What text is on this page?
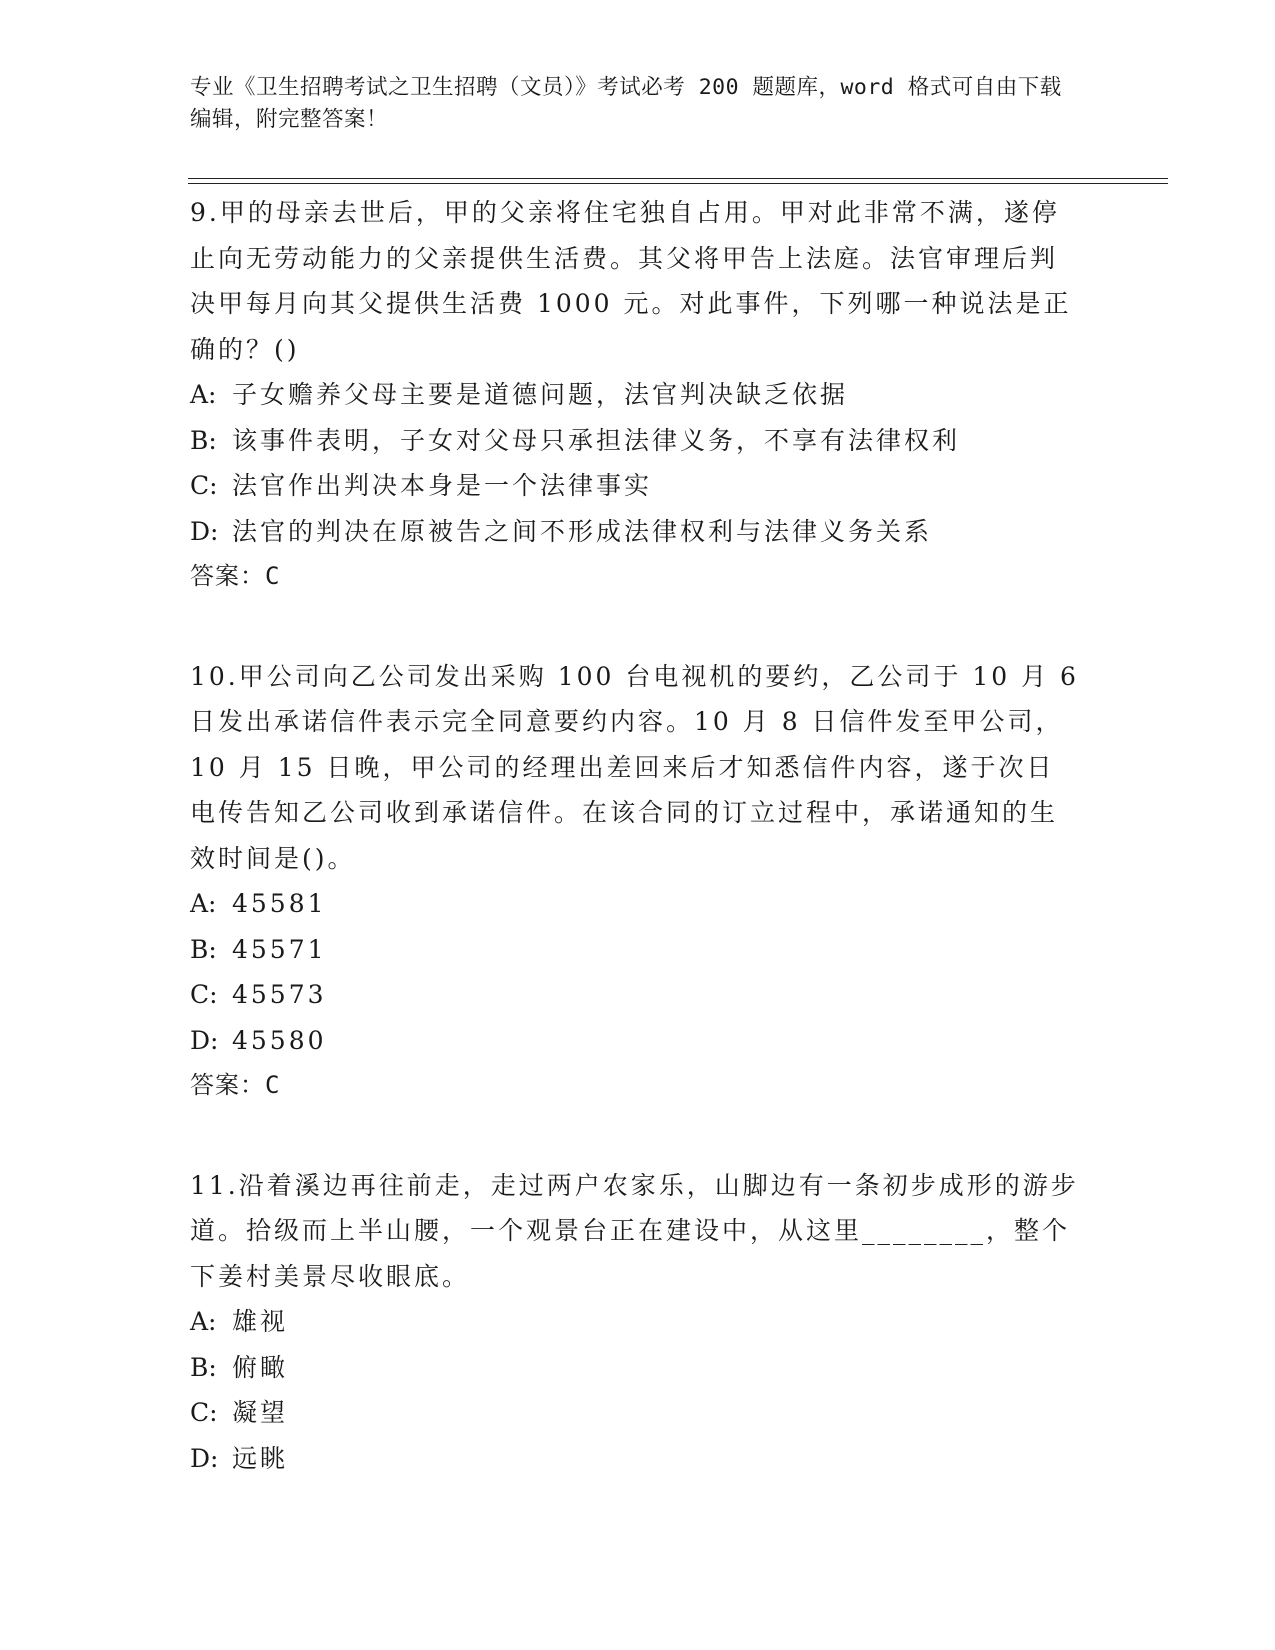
专业《卫生招聘考试之卫生招聘（文员）》考试必考 200 题题库，word 格式可自由下载编辑，附完整答案！

9.甲的母亲去世后，甲的父亲将住宅独自占用。甲对此非常不满，遂停止向无劳动能力的父亲提供生活费。其父将甲告上法庭。法官审理后判决甲每月向其父提供生活费 1000 元。对此事件，下列哪一种说法是正确的？()

A: 子女赡养父母主要是道德问题，法官判决缺乏依据

B: 该事件表明，子女对父母只承担法律义务，不享有法律权利

C: 法官作出判决本身是一个法律事实

D: 法官的判决在原被告之间不形成法律权利与法律义务关系

答案：C

10.甲公司向乙公司发出采购 100 台电视机的要约，乙公司于 10 月 6 日发出承诺信件表示完全同意要约内容。10 月 8 日信件发至甲公司，10 月 15 日晚，甲公司的经理出差回来后才知悉信件内容，遂于次日电传告知乙公司收到承诺信件。在该合同的订立过程中，承诺通知的生效时间是()。

A: 45581

B: 45571

C: 45573

D: 45580

答案：C

11.沿着溪边再往前走，走过两户农家乐，山脚边有一条初步成形的游步道。拾级而上半山腰，一个观景台正在建设中，从这里________，整个下姜村美景尽收眼底。

A: 雄视

B: 俯瞰

C: 凝望

D: 远眺
